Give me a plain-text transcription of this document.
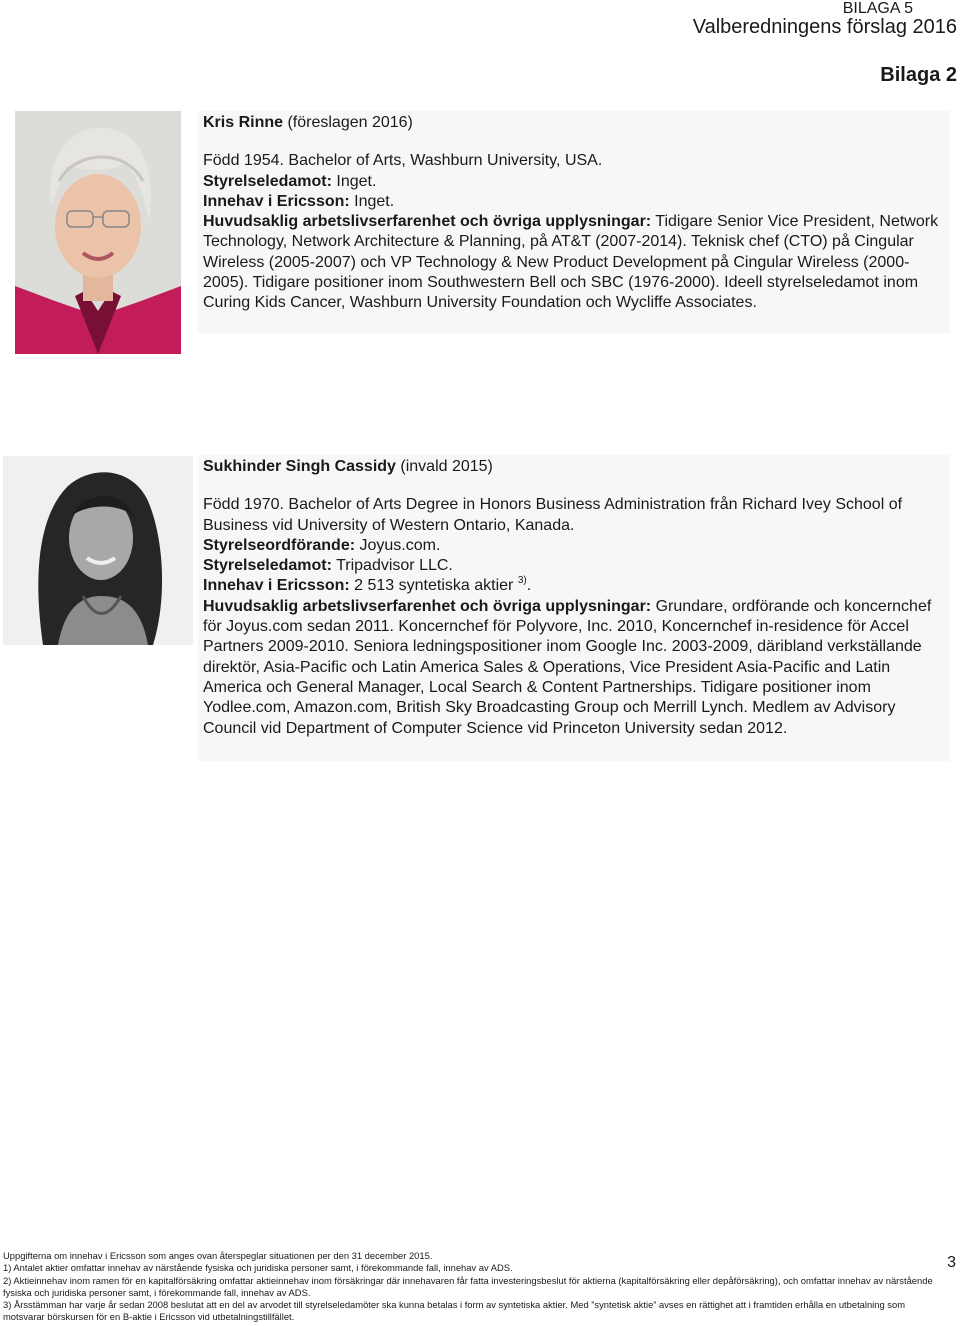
BILAGA 5
Valberedningens förslag 2016
Bilaga 2

Kris Rinne (föreslagen 2016)

Född 1954. Bachelor of Arts, Washburn University, USA.

Styrelseledamot: Inget.

Innehav i Ericsson: Inget.

Huvudsaklig arbetslivserfarenhet och övriga upplysningar: Tidigare Senior Vice President, Network Technology, Network Architecture & Planning, på AT&T (2007-2014). Teknisk chef (CTO) på Cingular Wireless (2005-2007) och VP Technology & New Product Development på Cingular Wireless (2000-2005). Tidigare positioner inom Southwestern Bell och SBC (1976-2000). Ideell styrelseledamot inom Curing Kids Cancer, Washburn University Foundation och Wycliffe Associates.

Sukhinder Singh Cassidy (invald 2015)

Född 1970. Bachelor of Arts Degree in Honors Business Administration från Richard Ivey School of Business vid University of Western Ontario, Kanada.

Styrelseordförande: Joyus.com.

Styrelseledamot: Tripadvisor LLC.

Innehav i Ericsson: 2 513 syntetiska aktier $^{3)}$.

Huvudsaklig arbetslivserfarenhet och övriga upplysningar: Grundare, ordförande och koncernchef för Joyus.com sedan 2011. Koncernchef för Polyvore, Inc. 2010, Koncernchef in-residence för Accel Partners 2009-2010. Seniora ledningspositioner inom Google Inc. 2003-2009, däribland verkställande direktör, Asia-Pacific och Latin America Sales & Operations, Vice President Asia-Pacific and Latin America och General Manager, Local Search & Content Partnerships. Tidigare positioner inom Yodlee.com, Amazon.com, British Sky Broadcasting Group och Merrill Lynch. Medlem av Advisory Council vid Department of Computer Science vid Princeton University sedan 2012.

Uppgifterna om innehav i Ericsson som anges ovan återspeglar situationen per den 31 december 2015.

1) Antalet aktier omfattar innehav av närstående fysiska och juridiska personer samt, i förekommande fall, innehav av ADS.

2) Aktieinnehav inom ramen för en kapitalförsäkring omfattar aktieinnehav inom försäkringar där innehavaren får fatta investeringsbeslut för aktierna (kapitalförsäkring eller depåförsäkring), och omfattar innehav av närstående fysiska och juridiska personer samt, i förekommande fall, innehav av ADS.

3) Årsstämman har varje år sedan 2008 beslutat att en del av arvodet till styrelseledamöter ska kunna betalas i form av syntetiska aktier. Med ”syntetisk aktie” avses en rättighet att i framtiden erhålla en utbetalning som motsvarar börskursen för en B-aktie i Ericsson vid utbetalningstillfället.

3
